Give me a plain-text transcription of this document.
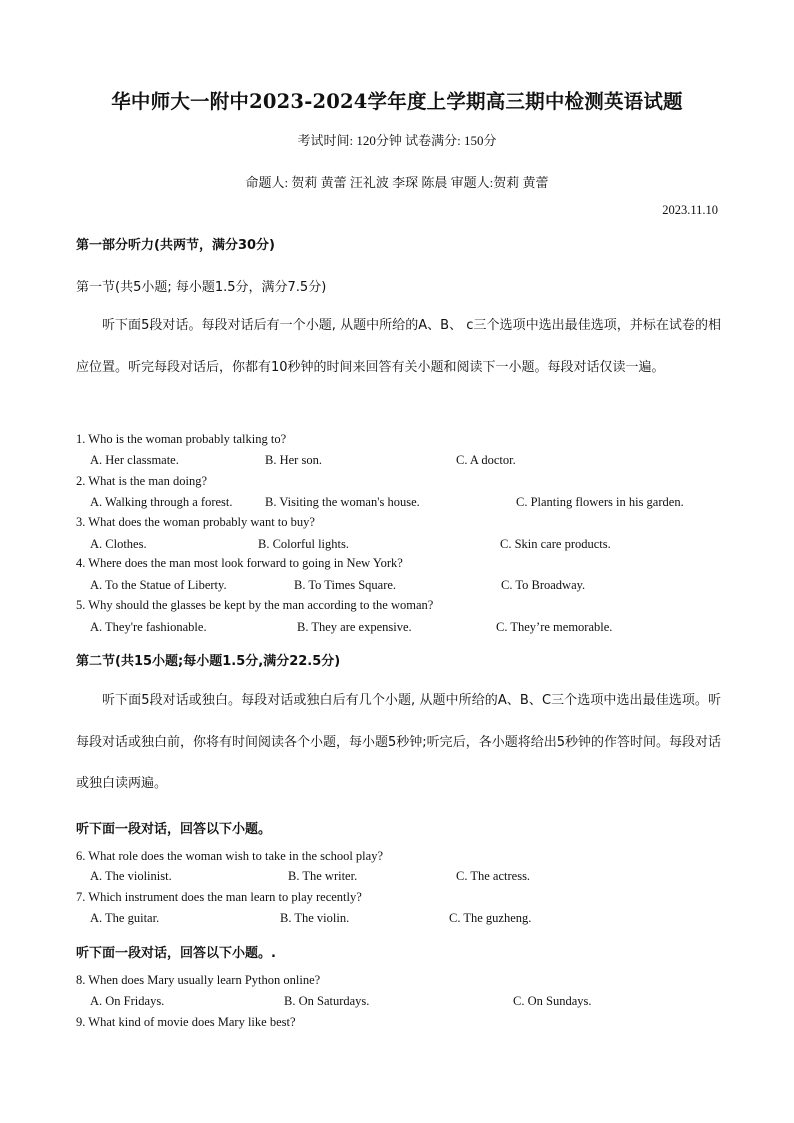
华中师大一附中2023-2024学年度上学期高三期中检测英语试题
考试时间: 120分钟 试卷满分: 150分
命题人: 贺莉 黄蕾 汪礼波 李琛 陈晨 审题人:贺莉 黄蕾
2023.11.10
第一部分听力(共两节，满分30分)
第一节(共5小题; 每小题1.5分，满分7.5分)
听下面5段对话。每段对话后有一个小题, 从题中所给的A、B、 c三个选项中选出最佳选项，并标在试卷的相应位置。听完每段对话后，你都有10秒钟的时间来回答有关小题和阅读下一小题。每段对话仅读一遍。
1. Who is the woman probably talking to?
A. Her classmate.	B. Her son.	C. A doctor.
2. What is the man doing?
A. Walking through a forest.	B. Visiting the woman's house.	C. Planting flowers in his garden.
3. What does the woman probably want to buy?
A. Clothes.	B. Colorful lights.	C. Skin care products.
4. Where does the man most look forward to going in New York?
A. To the Statue of Liberty.	B. To Times Square.	C. To Broadway.
5. Why should the glasses be kept by the man according to the woman?
A. They're fashionable.	B. They are expensive.	C. They’re memorable.
第二节(共15小题;每小题1.5分,满分22.5分)
听下面5段对话或独白。每段对话或独白后有几个小题, 从题中所给的A、B、C三个选项中选出最佳选项。听每段对话或独白前，你将有时间阅读各个小题，每小题5秒钟;听完后，各小题将给出5秒钟的作答时间。每段对话或独白读两遍。
听下面一段对话，回答以下小题。
6. What role does the woman wish to take in the school play?
A. The violinist.	B. The writer.	C. The actress.
7. Which instrument does the man learn to play recently?
A. The guitar.	B. The violin.	C. The guzheng.
听下面一段对话，回答以下小题。.
8. When does Mary usually learn Python online?
A. On Fridays.	B. On Saturdays.	C. On Sundays.
9. What kind of movie does Mary like best?
